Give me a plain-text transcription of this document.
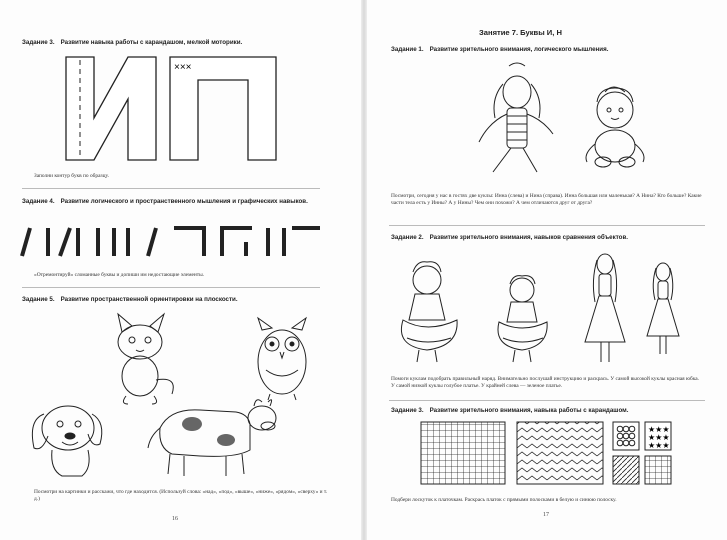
Задание 3. Развитие навыка работы с карандашом, мелкой моторики.
×××
Заполни контур букв по образцу.
Задание 4. Развитие логического и пространственного мышления и графических навыков.
«Отремонтируй» сломанные буквы и допиши им недостающие элементы.
Задание 5. Развитие пространственной ориентировки на плоскости.
Посмотри на картинки и расскажи, что где находится. (Используй слова: «над», «под», «выше», «ниже», «рядом», «сверху» и т. д.)
16
Занятие 7. Буквы И, Н
Задание 1. Развитие зрительного внимания, логического мышления.
Посмотри, сегодня у нас в гостях две куклы: Инна (слева) и Нина (справа). Инна большая или маленькая? А Нина? Кто больше? Какие части тела есть у Инны? А у Нины? Чем они похожи? А чем отличаются друг от друга?
Задание 2. Развитие зрительного внимания, навыков сравнения объектов.
Помоги куклам подобрать правильный наряд. Внимательно послушай инструкцию и раскрась. У самой высокой куклы красная юбка. У самой низкой куклы голубое платье. У крайней слева — зеленое платье.
Задание 3. Развитие зрительного внимания, навыка работы с карандашом.
★★★
★★★
★★★
Подбери лоскуток к платочкам. Раскрась платок с прямыми полосками в белую и синюю полоску.
17
